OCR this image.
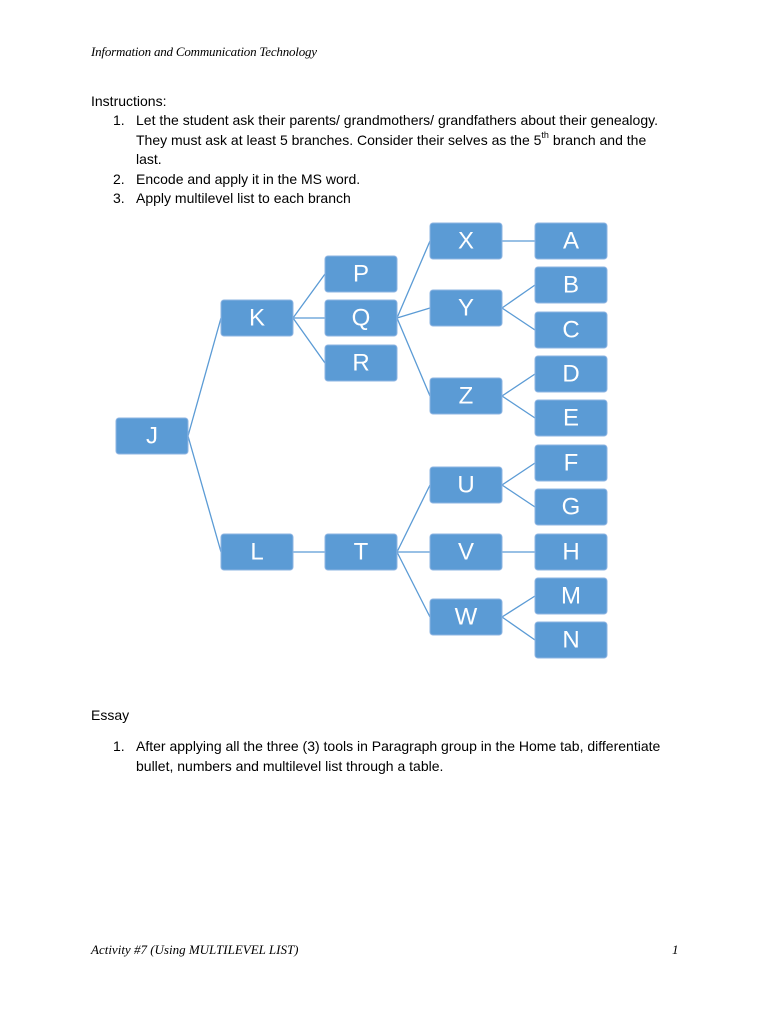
Information and Communication Technology
Instructions:
1. Let the student ask their parents/ grandmothers/ grandfathers about their genealogy. They must ask at least 5 branches. Consider their selves as the 5th branch and the last.
2. Encode and apply it in the MS word.
3. Apply multilevel list to each branch
J
K
L
P
Q
R
T
X
Y
Z
U
V
W
A
B
C
D
E
F
G
H
M
N
Essay
1. After applying all the three (3) tools in Paragraph group in the Home tab, differentiate bullet, numbers and multilevel list through a table.
Activity #7 (Using MULTILEVEL LIST)	1
